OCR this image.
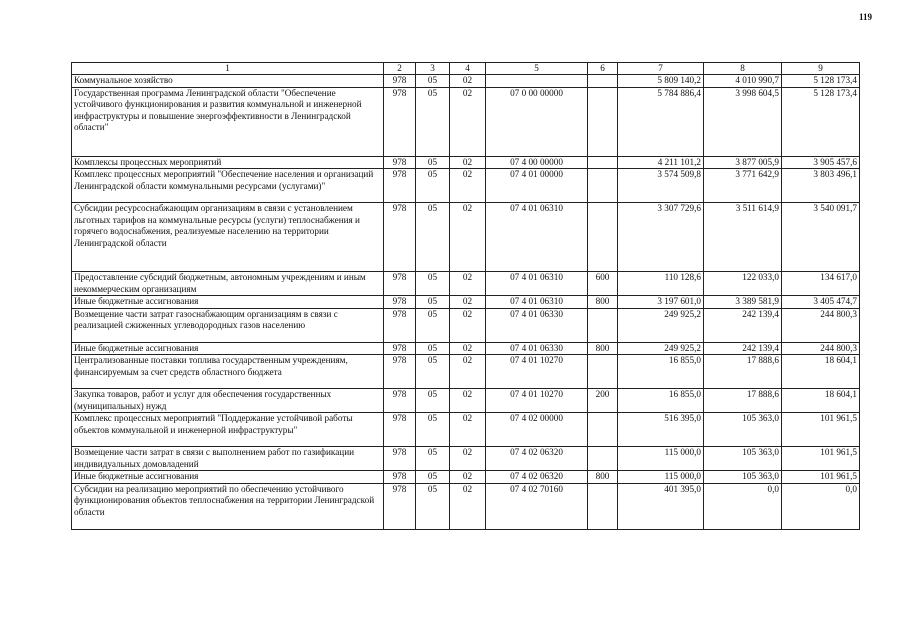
119
1	2	3	4	5	6	7	8	9
Коммунальное хозяйство	978	05	02			5 809 140,2	4 010 990,7	5 128 173,4
Государственная программа Ленинградской области "Обеспечение устойчивого функционирования и развития коммунальной и инженерной инфраструктуры и повышение энергоэффективности в Ленинградской области"	978	05	02	07 0 00 00000		5 784 886,4	3 998 604,5	5 128 173,4
Комплексы процессных мероприятий	978	05	02	07 4 00 00000		4 211 101,2	3 877 005,9	3 905 457,6
Комплекс процессных мероприятий "Обеспечение населения и организаций Ленинградской области коммунальными ресурсами (услугами)"	978	05	02	07 4 01 00000		3 574 509,8	3 771 642,9	3 803 496,1
Субсидии ресурсоснабжающим организациям в связи с установлением льготных тарифов на коммунальные ресурсы (услуги) теплоснабжения и горячего водоснабжения, реализуемые населению на территории Ленинградской области	978	05	02	07 4 01 06310		3 307 729,6	3 511 614,9	3 540 091,7
Предоставление субсидий бюджетным, автономным учреждениям и иным некоммерческим организациям	978	05	02	07 4 01 06310	600	110 128,6	122 033,0	134 617,0
Иные бюджетные ассигнования	978	05	02	07 4 01 06310	800	3 197 601,0	3 389 581,9	3 405 474,7
Возмещение части затрат газоснабжающим организациям в связи с реализацией сжиженных углеводородных газов населению	978	05	02	07 4 01 06330		249 925,2	242 139,4	244 800,3
Иные бюджетные ассигнования	978	05	02	07 4 01 06330	800	249 925,2	242 139,4	244 800,3
Централизованные поставки топлива государственным учреждениям, финансируемым за счет средств областного бюджета	978	05	02	07 4 01 10270		16 855,0	17 888,6	18 604,1
Закупка товаров, работ и услуг для обеспечения государственных (муниципальных) нужд	978	05	02	07 4 01 10270	200	16 855,0	17 888,6	18 604,1
Комплекс процессных мероприятий "Поддержание устойчивой работы объектов коммунальной и инженерной инфраструктуры"	978	05	02	07 4 02 00000		516 395,0	105 363,0	101 961,5
Возмещение части затрат в связи с выполнением работ по газификации индивидуальных домовладений	978	05	02	07 4 02 06320		115 000,0	105 363,0	101 961,5
Иные бюджетные ассигнования	978	05	02	07 4 02 06320	800	115 000,0	105 363,0	101 961,5
Субсидии на реализацию мероприятий по обеспечению устойчивого функционирования объектов теплоснабжения на территории Ленинградской области	978	05	02	07 4 02 70160		401 395,0	0,0	0,0
